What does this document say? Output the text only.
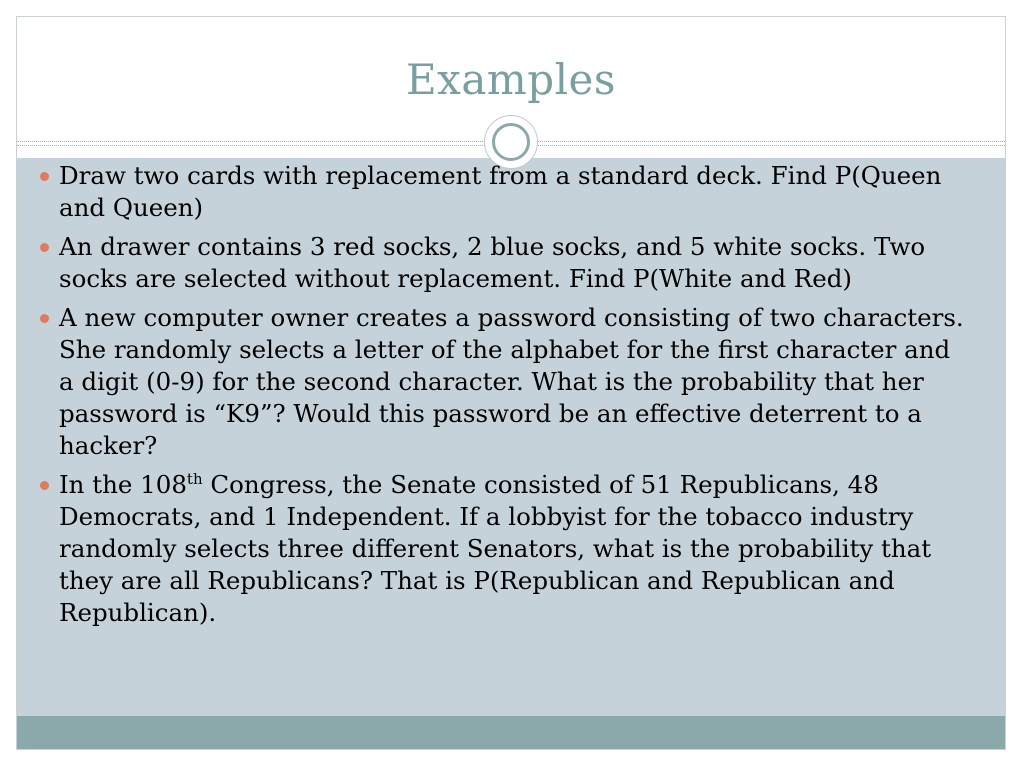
Examples
Draw two cards with replacement from a standard deck. Find P(Queen and Queen)
An drawer contains 3 red socks, 2 blue socks, and 5 white socks. Two socks are selected without replacement. Find P(White and Red)
A new computer owner creates a password consisting of two characters. She randomly selects a letter of the alphabet for the first character and a digit (0-9) for the second character. What is the probability that her password is “K9”? Would this password be an effective deterrent to a hacker?
In the 108th Congress, the Senate consisted of 51 Republicans, 48 Democrats, and 1 Independent. If a lobbyist for the tobacco industry randomly selects three different Senators, what is the probability that they are all Republicans? That is P(Republican and Republican and Republican).
